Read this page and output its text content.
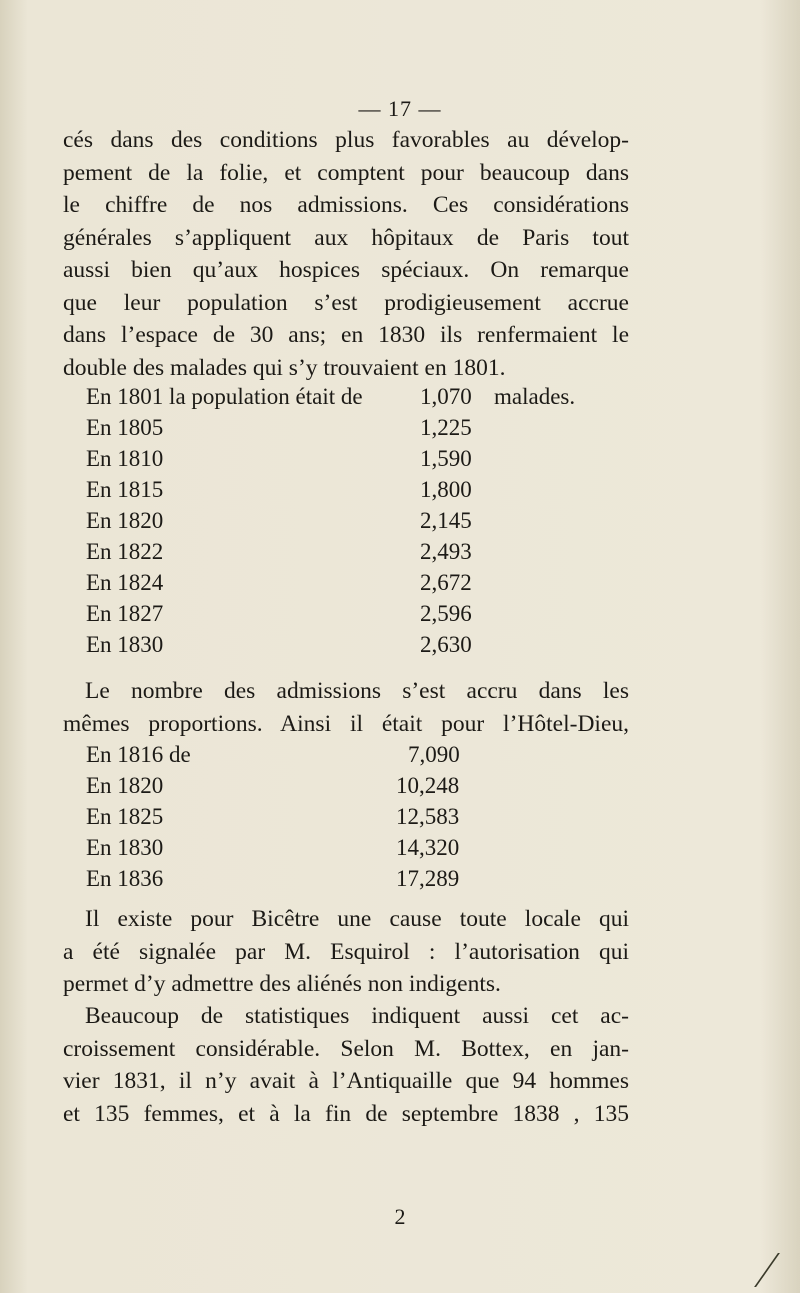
— 17 —
cés dans des conditions plus favorables au dévelop-
pement de la folie, et comptent pour beaucoup dans
le chiffre de nos admissions. Ces considérations
générales s’appliquent aux hôpitaux de Paris tout
aussi bien qu’aux hospices spéciaux. On remarque
que leur population s’est prodigieusement accrue
dans l’espace de 30 ans; en 1830 ils renfermaient le
double des malades qui s’y trouvaient en 1801.
En 1801 la population était de 1,070 malades.
En 1805	1,225
En 1810	1,590
En 1815	1,800
En 1820	2,145
En 1822	2,493
En 1824	2,672
En 1827	2,596
En 1830	2,630
Le nombre des admissions s’est accru dans les
mêmes proportions. Ainsi il était pour l’Hôtel-Dieu,
En 1816 de	7,090
En 1820	10,248
En 1825	12,583
En 1830	14,320
En 1836	17,289
Il existe pour Bicêtre une cause toute locale qui
a été signalée par M. Esquirol : l’autorisation qui
permet d’y admettre des aliénés non indigents.
Beaucoup de statistiques indiquent aussi cet ac-
croissement considérable. Selon M. Bottex, en jan-
vier 1831, il n’y avait à l’Antiquaille que 94 hommes
et 135 femmes, et à la fin de septembre 1838 , 135
2
